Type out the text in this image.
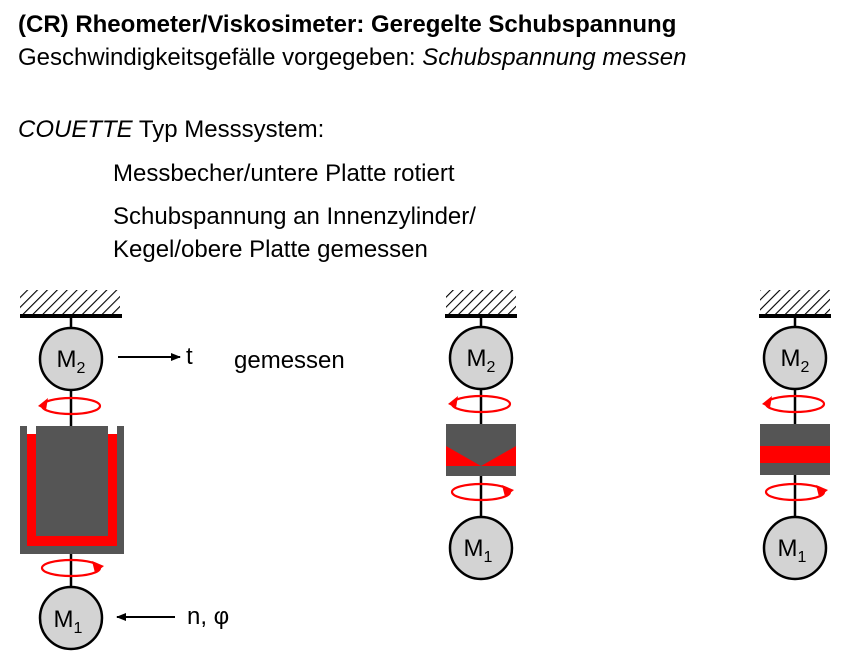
(CR) Rheometer/Viskosimeter: Geregelte Schubspannung
Geschwindigkeitsgefälle vorgegeben: Schubspannung messen
COUETTE Typ Messsystem:
Messbecher/untere Platte rotiert
Schubspannung an Innenzylinder/
Kegel/obere Platte gemessen
$M_2$	t gemessen
$M_1$	n, φ
$M_2$
$M_1$
$M_2$
$M_1$
